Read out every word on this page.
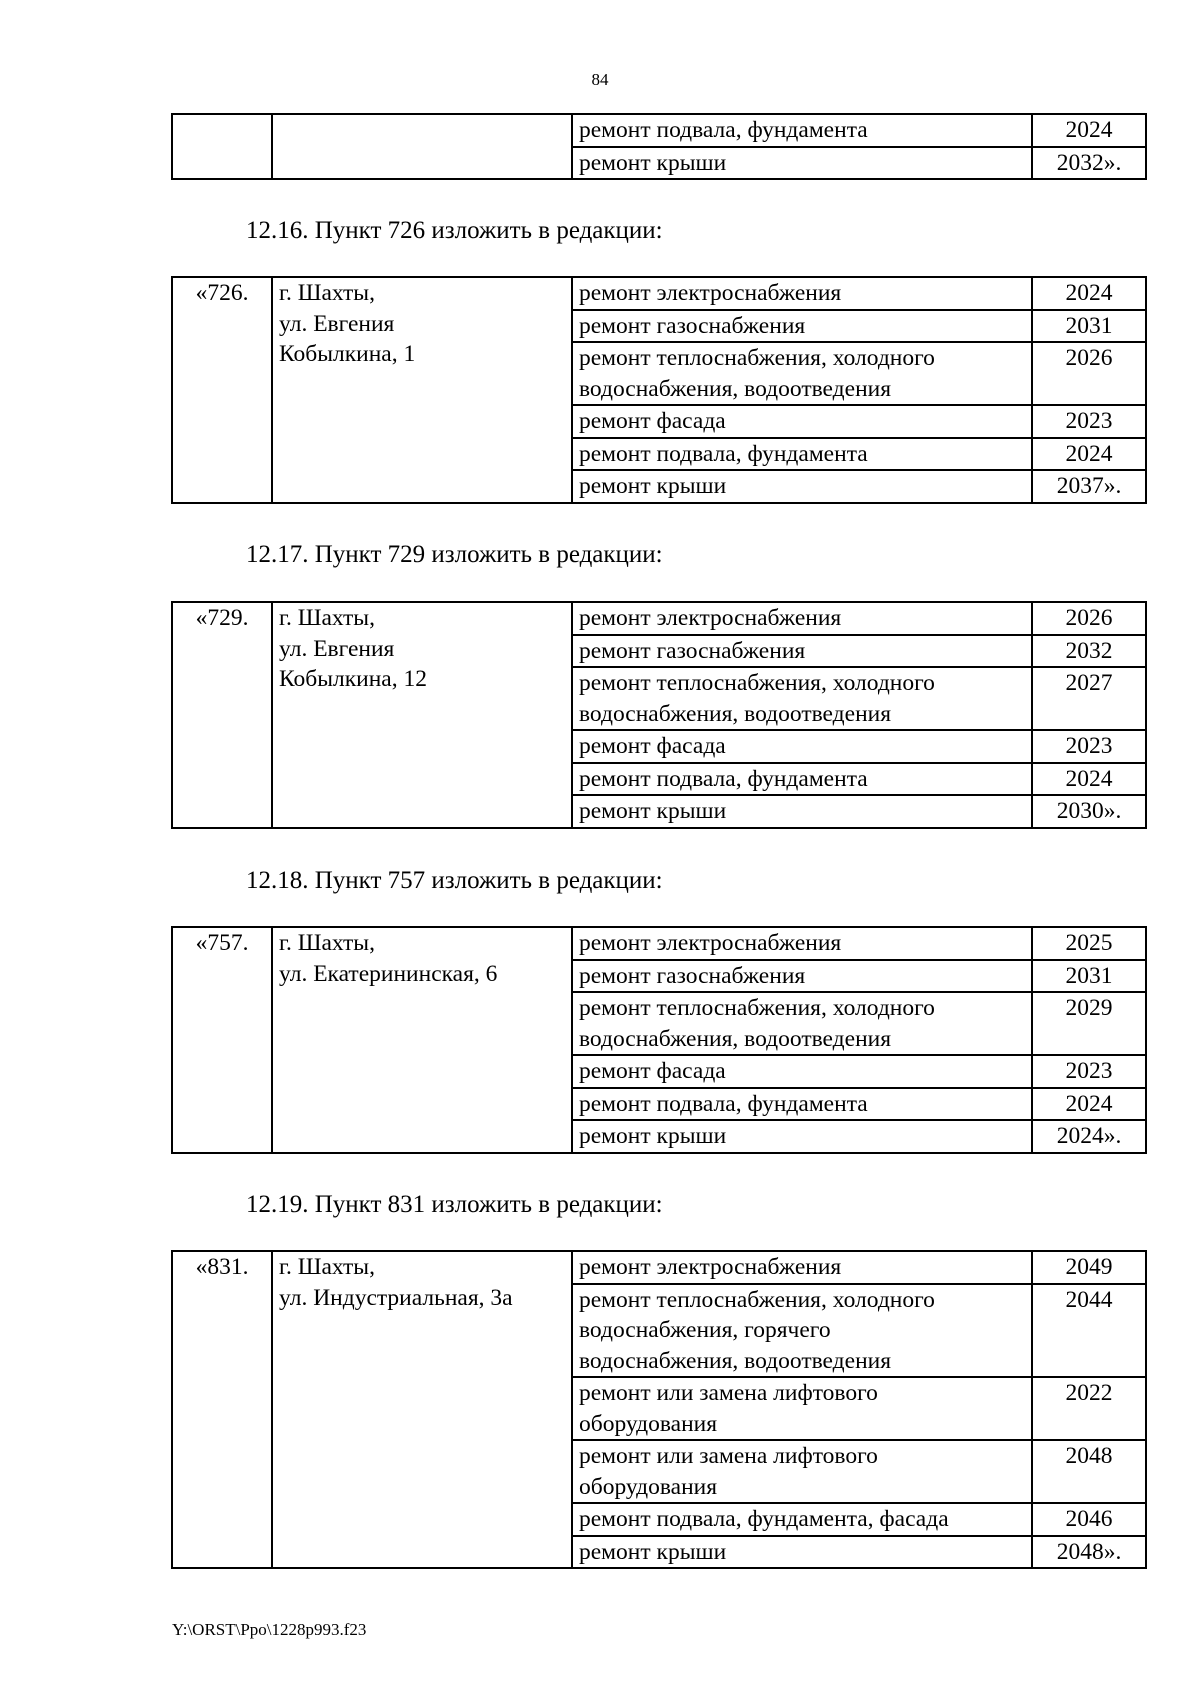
84
		ремонт подвала, фундамента	2024
		ремонт крыши	2032».
12.16. Пункт 726 изложить в редакции:
«726.	г. Шахты,
ул. Евгения
Кобылкина, 1	ремонт электроснабжения	2024

		ремонт газоснабжения	2031

		ремонт теплоснабжения, холодного
водоснабжения, водоотведения	2026

		ремонт фасада	2023

		ремонт подвала, фундамента	2024

		ремонт крыши	2037».
12.17. Пункт 729 изложить в редакции:
«729.	г. Шахты,
ул. Евгения
Кобылкина, 12	ремонт электроснабжения	2026

		ремонт газоснабжения	2032

		ремонт теплоснабжения, холодного
водоснабжения, водоотведения	2027

		ремонт фасада	2023

		ремонт подвала, фундамента	2024

		ремонт крыши	2030».
12.18. Пункт 757 изложить в редакции:
«757.	г. Шахты,
ул. Екатерининская, 6	ремонт электроснабжения	2025

		ремонт газоснабжения	2031

		ремонт теплоснабжения, холодного
водоснабжения, водоотведения	2029

		ремонт фасада	2023

		ремонт подвала, фундамента	2024

		ремонт крыши	2024».
12.19. Пункт 831 изложить в редакции:
«831.	г. Шахты,
ул. Индустриальная, 3а	ремонт электроснабжения	2049

		ремонт теплоснабжения, холодного
водоснабжения, горячего
водоснабжения, водоотведения	2044

		ремонт или замена лифтового
оборудования	2022

		ремонт или замена лифтового
оборудования	2048

		ремонт подвала, фундамента, фасада	2046

		ремонт крыши	2048».
Y:\ORST\Ppo\1228p993.f23
